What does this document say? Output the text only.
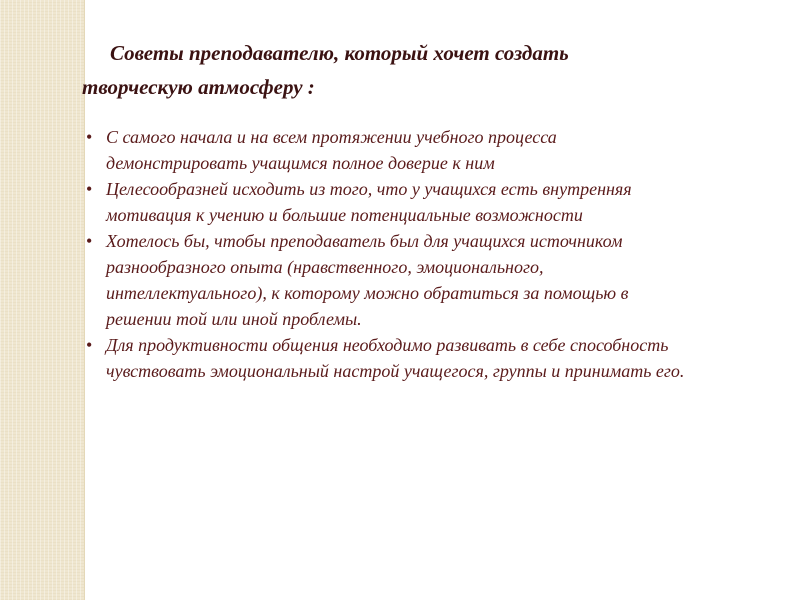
Советы преподавателю, который хочет создать творческую атмосферу :
• С самого начала и на всем протяжении учебного процесса демонстрировать учащимся полное доверие к ним
• Целесообразней исходить из того, что у учащихся есть внутренняя мотивация к учению и большие потенциальные возможности
• Хотелось бы, чтобы преподаватель был для учащихся источником разнообразного опыта (нравственного, эмоционального, интеллектуального), к которому можно обратиться за помощью в решении той или иной проблемы.
• Для продуктивности общения необходимо развивать в себе способность чувствовать эмоциональный настрой учащегося, группы и принимать его.
